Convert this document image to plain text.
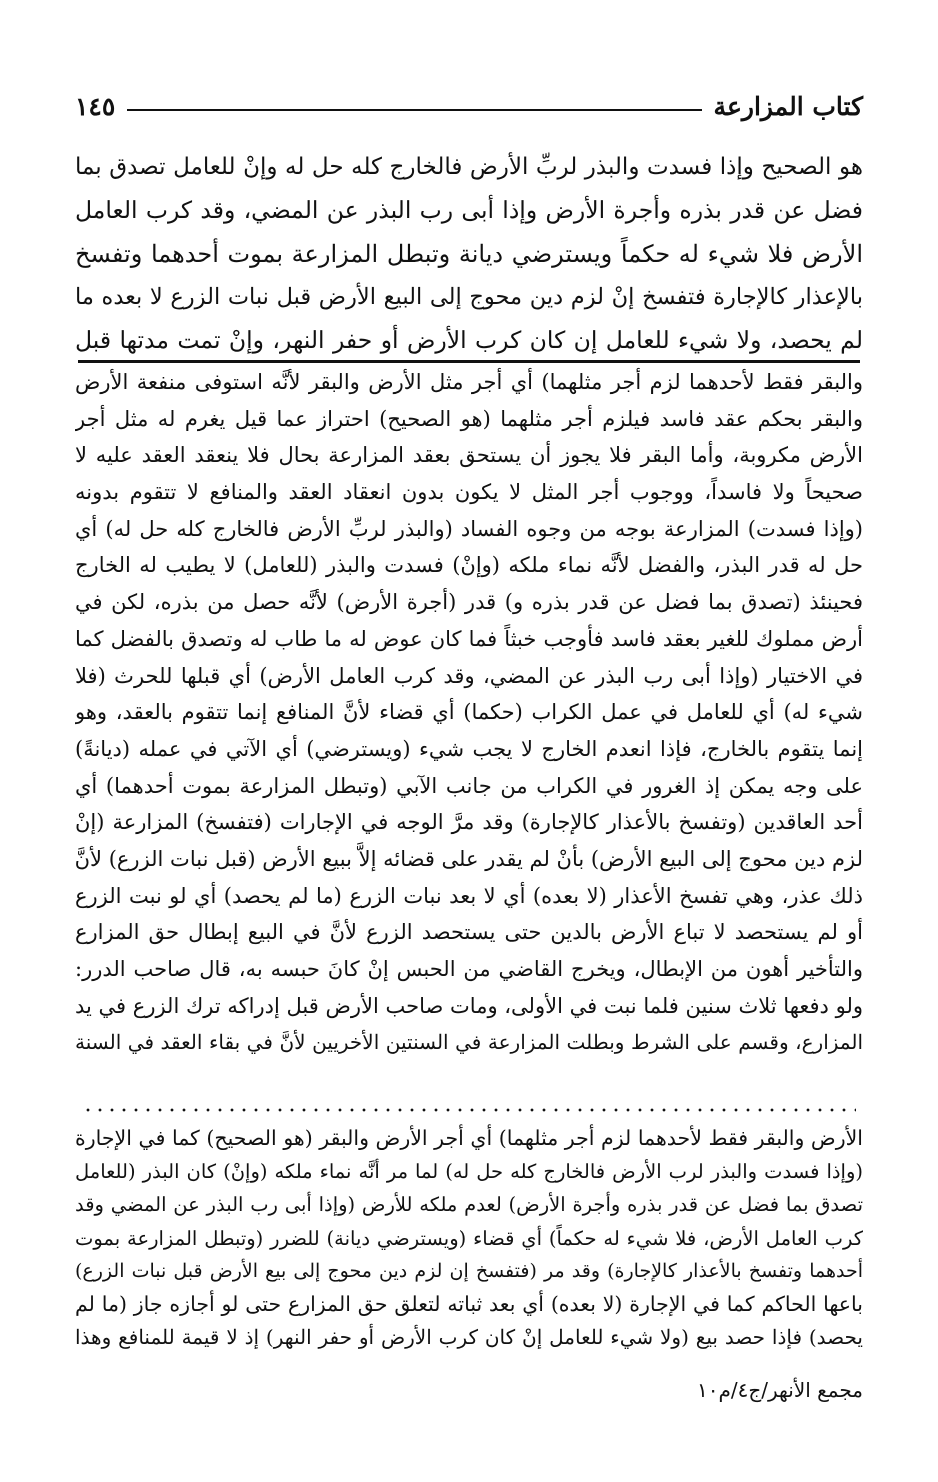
كتاب المزارعة
١٤٥

هو الصحيح وإذا فسدت والبذر لربِّ الأرض فالخارج كله حل له وإنْ للعامل تصدق بما

فضل عن قدر بذره وأجرة الأرض وإذا أبى رب البذر عن المضي، وقد كرب العامل

الأرض فلا شيء له حكماً ويسترضي ديانة وتبطل المزارعة بموت أحدهما وتفسخ

بالإعذار كالإجارة فتفسخ إنْ لزم دين محوج إلى البيع الأرض قبل نبات الزرع لا بعده ما

لم يحصد، ولا شيء للعامل إن كان كرب الأرض أو حفر النهر، وإنْ تمت مدتها قبل

والبقر فقط لأحدهما لزم أجر مثلهما) أي أجر مثل الأرض والبقر لأنَّه استوفى منفعة الأرض

والبقر بحكم عقد فاسد فيلزم أجر مثلهما (هو الصحيح) احتراز عما قيل يغرم له مثل أجر

الأرض مكروبة، وأما البقر فلا يجوز أن يستحق بعقد المزارعة بحال فلا ينعقد العقد عليه لا

صحيحاً ولا فاسداً، ووجوب أجر المثل لا يكون بدون انعقاد العقد والمنافع لا تتقوم بدونه

(وإذا فسدت) المزارعة بوجه من وجوه الفساد (والبذر لربِّ الأرض فالخارج كله حل له) أي

حل له قدر البذر، والفضل لأنَّه نماء ملكه (وإنْ) فسدت والبذر (للعامل) لا يطيب له الخارج

فحينئذ (تصدق بما فضل عن قدر بذره و) قدر (أجرة الأرض) لأنَّه حصل من بذره، لكن في

أرض مملوك للغير بعقد فاسد فأوجب خبثاً فما كان عوض له ما طاب له وتصدق بالفضل كما

في الاختيار (وإذا أبى رب البذر عن المضي، وقد كرب العامل الأرض) أي قبلها للحرث (فلا

شيء له) أي للعامل في عمل الكراب (حكما) أي قضاء لأنَّ المنافع إنما تتقوم بالعقد، وهو

إنما يتقوم بالخارج، فإذا انعدم الخارج لا يجب شيء (ويسترضي) أي الآتي في عمله (ديانةً)

على وجه يمكن إذ الغرور في الكراب من جانب الآبي (وتبطل المزارعة بموت أحدهما) أي

أحد العاقدين (وتفسخ بالأعذار كالإجارة) وقد مرَّ الوجه في الإجارات (فتفسخ) المزارعة (إنْ

لزم دين محوج إلى البيع الأرض) بأنْ لم يقدر على قضائه إلاَّ ببيع الأرض (قبل نبات الزرع) لأنَّ

ذلك عذر، وهي تفسخ الأعذار (لا بعده) أي لا بعد نبات الزرع (ما لم يحصد) أي لو نبت الزرع

أو لم يستحصد لا تباع الأرض بالدين حتى يستحصد الزرع لأنَّ في البيع إبطال حق المزارع

والتأخير أهون من الإبطال، ويخرج القاضي من الحبس إنْ كانَ حبسه به، قال صاحب الدرر:

ولو دفعها ثلاث سنين فلما نبت في الأولى، ومات صاحب الأرض قبل إدراكه ترك الزرع في يد

المزارع، وقسم على الشرط وبطلت المزارعة في السنتين الأخريين لأنَّ في بقاء العقد في السنة

الأرض والبقر فقط لأحدهما لزم أجر مثلهما) أي أجر الأرض والبقر (هو الصحيح) كما في الإجارة

(وإذا فسدت والبذر لرب الأرض فالخارج كله حل له) لما مر أنَّه نماء ملكه (وإنْ) كان البذر (للعامل

تصدق بما فضل عن قدر بذره وأجرة الأرض) لعدم ملكه للأرض (وإذا أبى رب البذر عن المضي وقد

كرب العامل الأرض، فلا شيء له حكماً) أي قضاء (ويسترضي ديانة) للضرر (وتبطل المزارعة بموت

أحدهما وتفسخ بالأعذار كالإجارة) وقد مر (فتفسخ إن لزم دين محوج إلى بيع الأرض قبل نبات الزرع)

باعها الحاكم كما في الإجارة (لا بعده) أي بعد ثباته لتعلق حق المزارع حتى لو أجازه جاز (ما لم

يحصد) فإذا حصد بيع (ولا شيء للعامل إنْ كان كرب الأرض أو حفر النهر) إذ لا قيمة للمنافع وهذا

مجمع الأنهر/ج٤/م١٠
